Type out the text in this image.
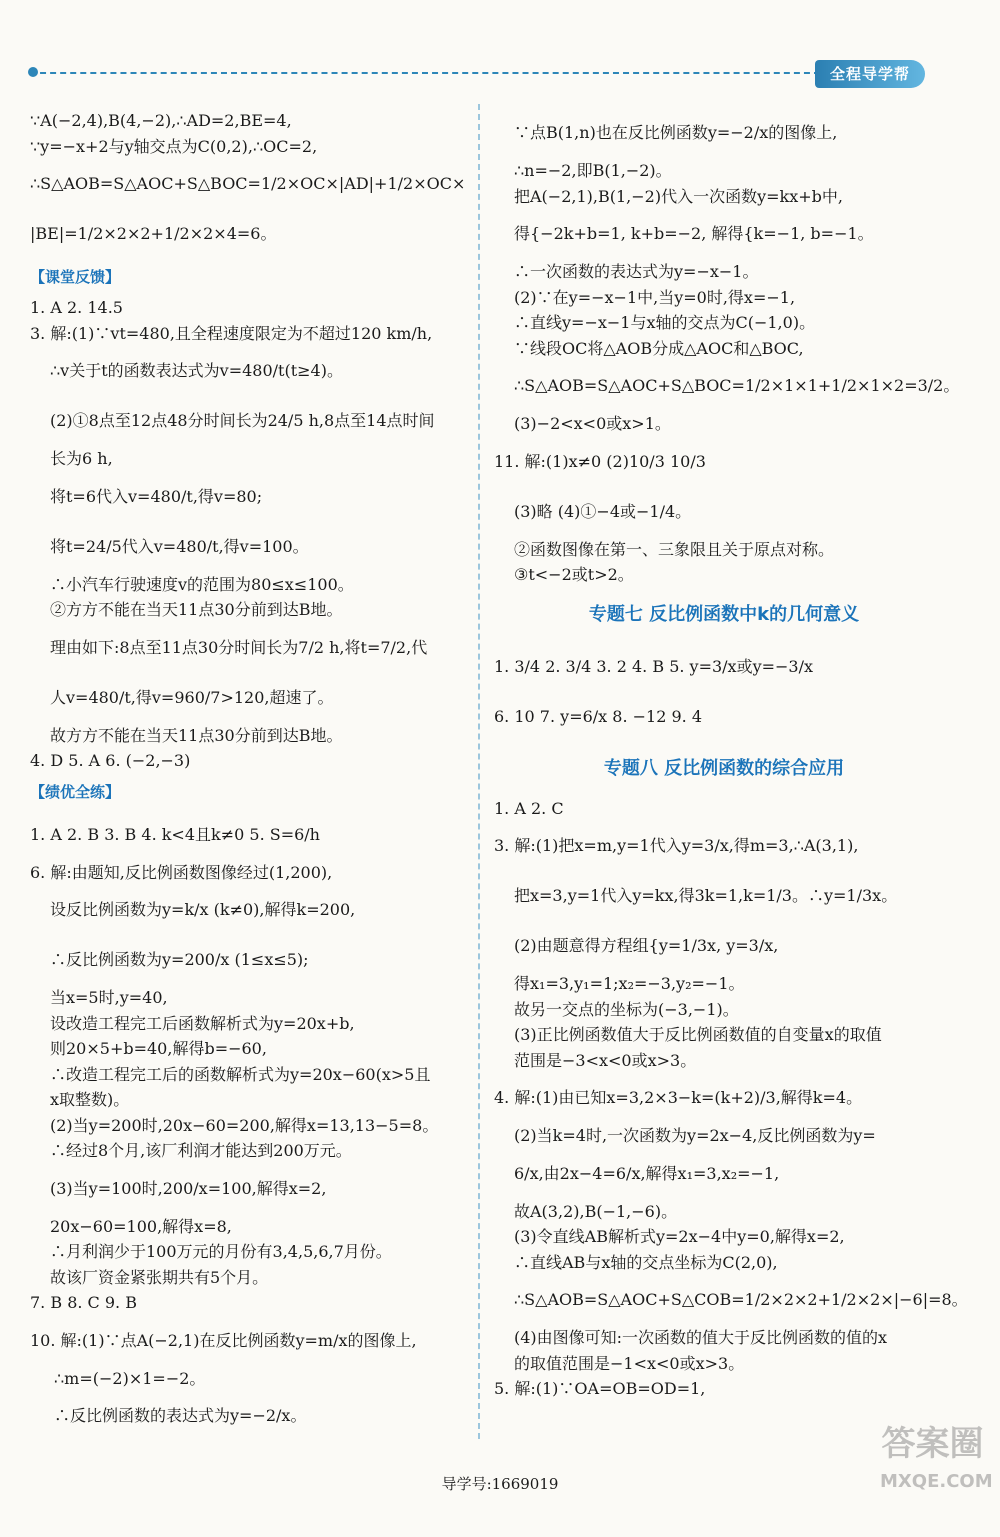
全程导学帮

∵A(−2,4),B(4,−2),∴AD=2,BE=4,

∵y=−x+2与y轴交点为C(0,2),∴OC=2,

∴S△AOB=S△AOC+S△BOC=1/2×OC×|AD|+1/2×OC×

|BE|=1/2×2×2+1/2×2×4=6。

【课堂反馈】

1. A 2. 14.5

3. 解:(1)∵vt=480,且全程速度限定为不超过120 km/h,

∴v关于t的函数表达式为v=480/t(t≥4)。

(2)①8点至12点48分时间长为24/5 h,8点至14点时间

长为6 h,

将t=6代入v=480/t,得v=80;

将t=24/5代入v=480/t,得v=100。

∴小汽车行驶速度v的范围为80≤x≤100。

②方方不能在当天11点30分前到达B地。

理由如下:8点至11点30分时间长为7/2 h,将t=7/2,代

人v=480/t,得v=960/7>120,超速了。

故方方不能在当天11点30分前到达B地。

4. D 5. A 6. (−2,−3)

【绩优全练】

1. A 2. B 3. B 4. k<4且k≠0 5. S=6/h

6. 解:由题知,反比例函数图像经过(1,200),

设反比例函数为y=k/x (k≠0),解得k=200,

∴反比例函数为y=200/x (1≤x≤5);

当x=5时,y=40,

设改造工程完工后函数解析式为y=20x+b,

则20×5+b=40,解得b=−60,

∴改造工程完工后的函数解析式为y=20x−60(x>5且

x取整数)。

(2)当y=200时,20x−60=200,解得x=13,13−5=8。

∴经过8个月,该厂利润才能达到200万元。

(3)当y=100时,200/x=100,解得x=2,

20x−60=100,解得x=8,

∴月利润少于100万元的月份有3,4,5,6,7月份。

故该厂资金紧张期共有5个月。

7. B 8. C 9. B

10. 解:(1)∵点A(−2,1)在反比例函数y=m/x的图像上,

∴m=(−2)×1=−2。

∴反比例函数的表达式为y=−2/x。

∵点B(1,n)也在反比例函数y=−2/x的图像上,

∴n=−2,即B(1,−2)。

把A(−2,1),B(1,−2)代入一次函数y=kx+b中,

得{−2k+b=1, k+b=−2, 解得{k=−1, b=−1。

∴一次函数的表达式为y=−x−1。

(2)∵在y=−x−1中,当y=0时,得x=−1,

∴直线y=−x−1与x轴的交点为C(−1,0)。

∵线段OC将△AOB分成△AOC和△BOC,

∴S△AOB=S△AOC+S△BOC=1/2×1×1+1/2×1×2=3/2。

(3)−2<x<0或x>1。

11. 解:(1)x≠0 (2)10/3 10/3

(3)略 (4)①−4或−1/4。

②函数图像在第一、三象限且关于原点对称。

③t<−2或t>2。

专题七 反比例函数中k的几何意义

1. 3/4 2. 3/4 3. 2 4. B 5. y=3/x或y=−3/x

6. 10 7. y=6/x 8. −12 9. 4

专题八 反比例函数的综合应用

1. A 2. C

3. 解:(1)把x=m,y=1代入y=3/x,得m=3,∴A(3,1),

把x=3,y=1代入y=kx,得3k=1,k=1/3。∴y=1/3x。

(2)由题意得方程组{y=1/3x, y=3/x,

得x₁=3,y₁=1;x₂=−3,y₂=−1。

故另一交点的坐标为(−3,−1)。

(3)正比例函数值大于反比例函数值的自变量x的取值

范围是−3<x<0或x>3。

4. 解:(1)由已知x=3,2×3−k=(k+2)/3,解得k=4。

(2)当k=4时,一次函数为y=2x−4,反比例函数为y=

6/x,由2x−4=6/x,解得x₁=3,x₂=−1,

故A(3,2),B(−1,−6)。

(3)令直线AB解析式y=2x−4中y=0,解得x=2,

∴直线AB与x轴的交点坐标为C(2,0),

∴S△AOB=S△AOC+S△COB=1/2×2×2+1/2×2×|−6|=8。

(4)由图像可知:一次函数的值大于反比例函数的值的x

的取值范围是−1<x<0或x>3。

5. 解:(1)∵OA=OB=OD=1,

导学号:1669019
答案圈
MXQE.COM
